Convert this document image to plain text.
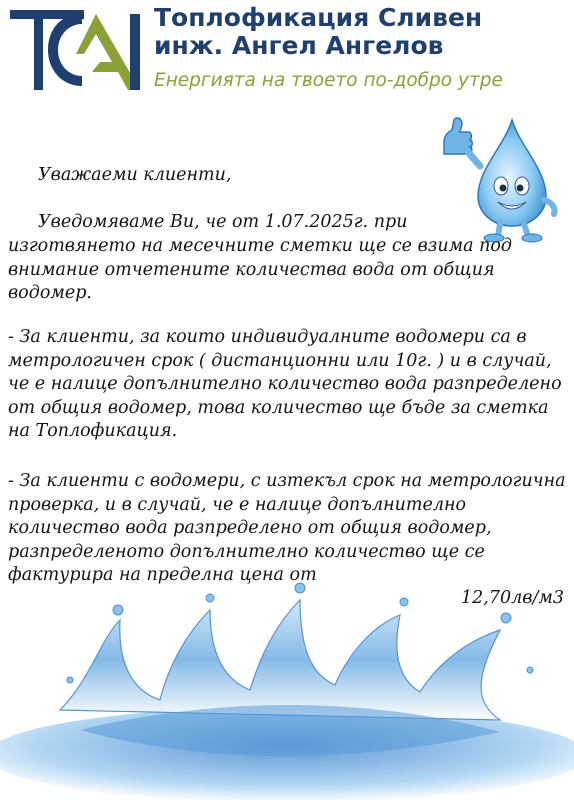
Топлофикация Сливен
инж. Ангел Ангелов
Енергията на твоето по-добро утре
Уважаеми клиенти,

Уведомяваме Ви, че от 1.07.2025г. при

изготвянето на месечните сметки ще се взима под внимание отчетените количества вода от общия водомер.

- За клиенти, за които индивидуалните водомери са в метрологичен срок ( дистанционни или 10г. ) и в случай, че е налице допълнително количество вода разпределено от общия водомер, това количество ще бъде за сметка на Топлофикация.

- За клиенти с водомери, с изтекъл срок на метрологична проверка, и в случай, че е налице допълнително количество вода разпределено от общия водомер, разпределеното допълнително количество ще се фактурира на пределна цена от

12,70лв/м3
